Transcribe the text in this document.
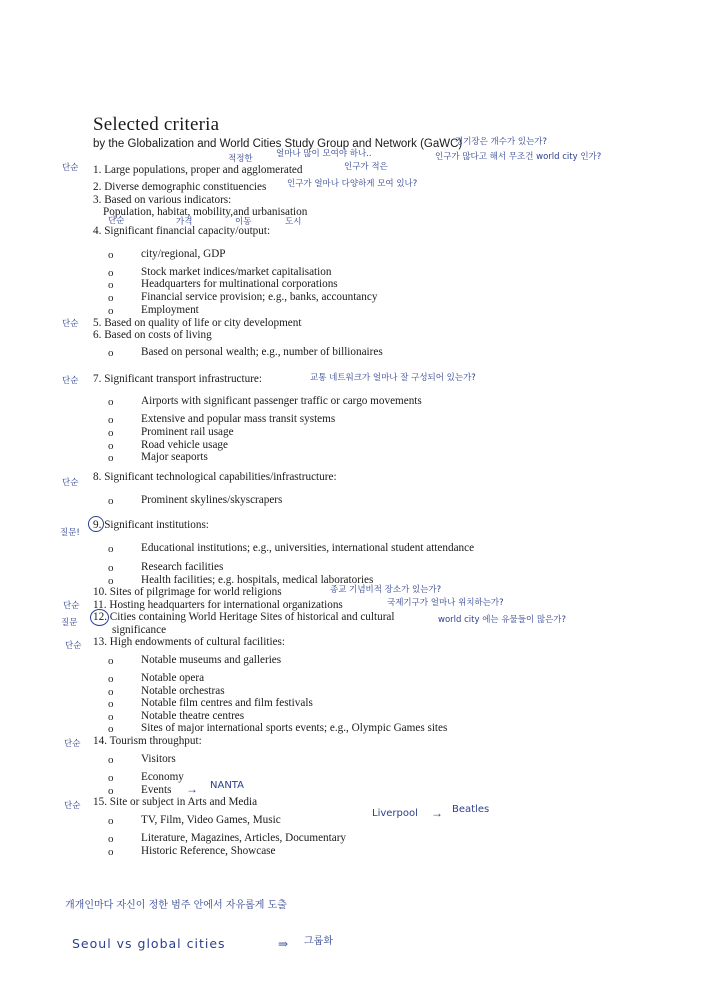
Selected criteria
by the Globalization and World Cities Study Group and Network (GaWC)
1. Large populations, proper and agglomerated
2. Diverse demographic constituencies
3. Based on various indicators:
Population, habitat, mobility,and urbanisation
4. Significant financial capacity/output:
o city/regional, GDP
o Stock market indices/market capitalisation
o Headquarters for multinational corporations
o Financial service provision; e.g., banks, accountancy
o Employment
5. Based on quality of life or city development
6. Based on costs of living
o Based on personal wealth; e.g., number of billionaires
7. Significant transport infrastructure:
o Airports with significant passenger traffic or cargo movements
o Extensive and popular mass transit systems
o Prominent rail usage
o Road vehicle usage
o Major seaports
8. Significant technological capabilities/infrastructure:
o Prominent skylines/skyscrapers
9. Significant institutions:
o Educational institutions; e.g., universities, international student attendance
o Research facilities
o Health facilities; e.g. hospitals, medical laboratories
10. Sites of pilgrimage for world religions
11. Hosting headquarters for international organizations
12. Cities containing World Heritage Sites of historical and cultural
significance
13. High endowments of cultural facilities:
o Notable museums and galleries
o Notable opera
o Notable orchestras
o Notable film centres and film festivals
o Notable theatre centres
o Sites of major international sports events; e.g., Olympic Games sites
14. Tourism throughput:
o Visitors
o Economy
o Events
15. Site or subject in Arts and Media
o TV, Film, Video Games, Music
o Literature, Magazines, Articles, Documentary
o Historic Reference, Showcase
단순
적정한	얼마나 많이 모여야 하나..
인구가 적은
경기장은 개수가 있는가?
인구가 많다고 해서 무조건 world city 인가?
인구가 얼마나 다양하게 모여 있나?
단순	가격	이동	도시
단순
단순	교통 네트워크가 얼마나 잘 구성되어 있는가?
단순
질문!
단순
종교 기념비적 장소가 있는가?
국제기구가 얼마나 위치하는가?
질문	world city 에는 유물들이 많은가?
단순
단순
→ NANTA
단순
Liverpool → Beatles
개개인마다 자신이 정한 범주 안에서 자유롭게 도출
Seoul vs global cities	⇒ 그룹화
